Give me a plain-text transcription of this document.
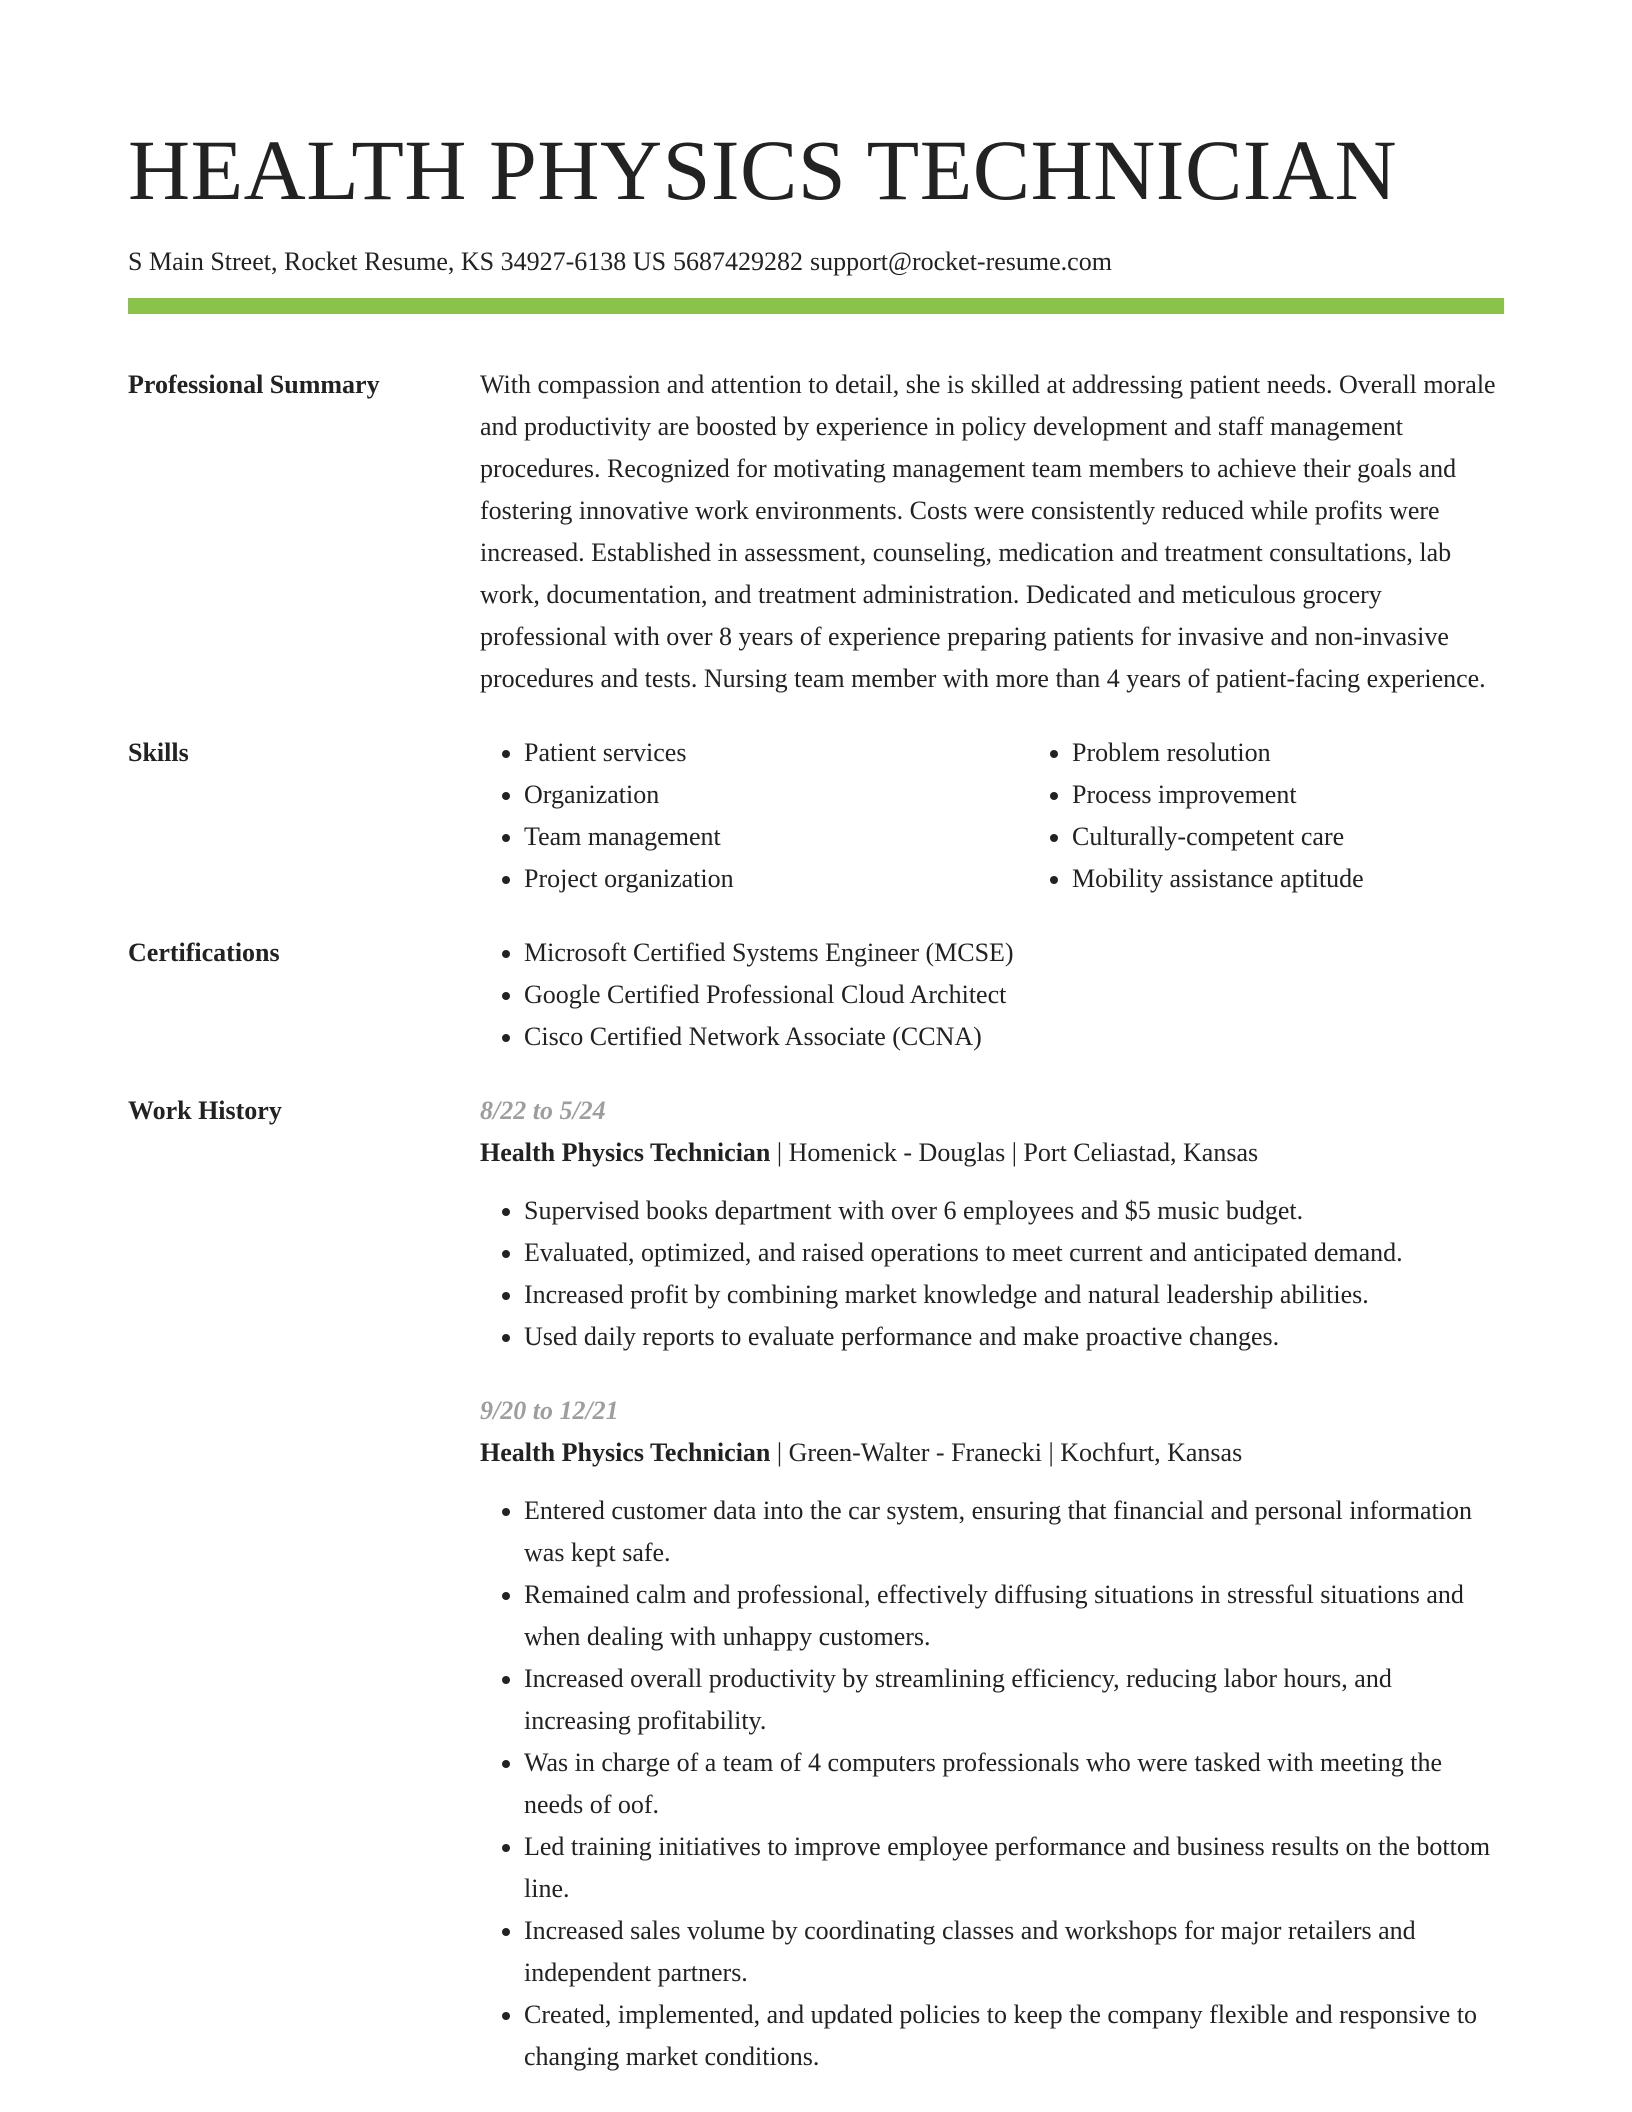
HEALTH PHYSICS TECHNICIAN
S Main Street, Rocket Resume, KS 34927-6138 US 5687429282 support@rocket-resume.com
Professional Summary	With compassion and attention to detail, she is skilled at addressing patient needs. Overall morale and productivity are boosted by experience in policy development and staff management procedures. Recognized for motivating management team members to achieve their goals and fostering innovative work environments. Costs were consistently reduced while profits were increased. Established in assessment, counseling, medication and treatment consultations, lab work, documentation, and treatment administration. Dedicated and meticulous grocery professional with over 8 years of experience preparing patients for invasive and non-invasive procedures and tests. Nursing team member with more than 4 years of patient-facing experience.
Skills	• Patient services
• Organization
• Team management
• Project organization
• Problem resolution
• Process improvement
• Culturally-competent care
• Mobility assistance aptitude
Certifications	• Microsoft Certified Systems Engineer (MCSE)
• Google Certified Professional Cloud Architect
• Cisco Certified Network Associate (CCNA)
Work History	8/22 to 5/24
Health Physics Technician | Homenick - Douglas | Port Celiastad, Kansas
• Supervised books department with over 6 employees and $5 music budget.
• Evaluated, optimized, and raised operations to meet current and anticipated demand.
• Increased profit by combining market knowledge and natural leadership abilities.
• Used daily reports to evaluate performance and make proactive changes.
9/20 to 12/21
Health Physics Technician | Green-Walter - Franecki | Kochfurt, Kansas
• Entered customer data into the car system, ensuring that financial and personal information was kept safe.
• Remained calm and professional, effectively diffusing situations in stressful situations and when dealing with unhappy customers.
• Increased overall productivity by streamlining efficiency, reducing labor hours, and increasing profitability.
• Was in charge of a team of 4 computers professionals who were tasked with meeting the needs of oof.
• Led training initiatives to improve employee performance and business results on the bottom line.
• Increased sales volume by coordinating classes and workshops for major retailers and independent partners.
• Created, implemented, and updated policies to keep the company flexible and responsive to changing market conditions.
